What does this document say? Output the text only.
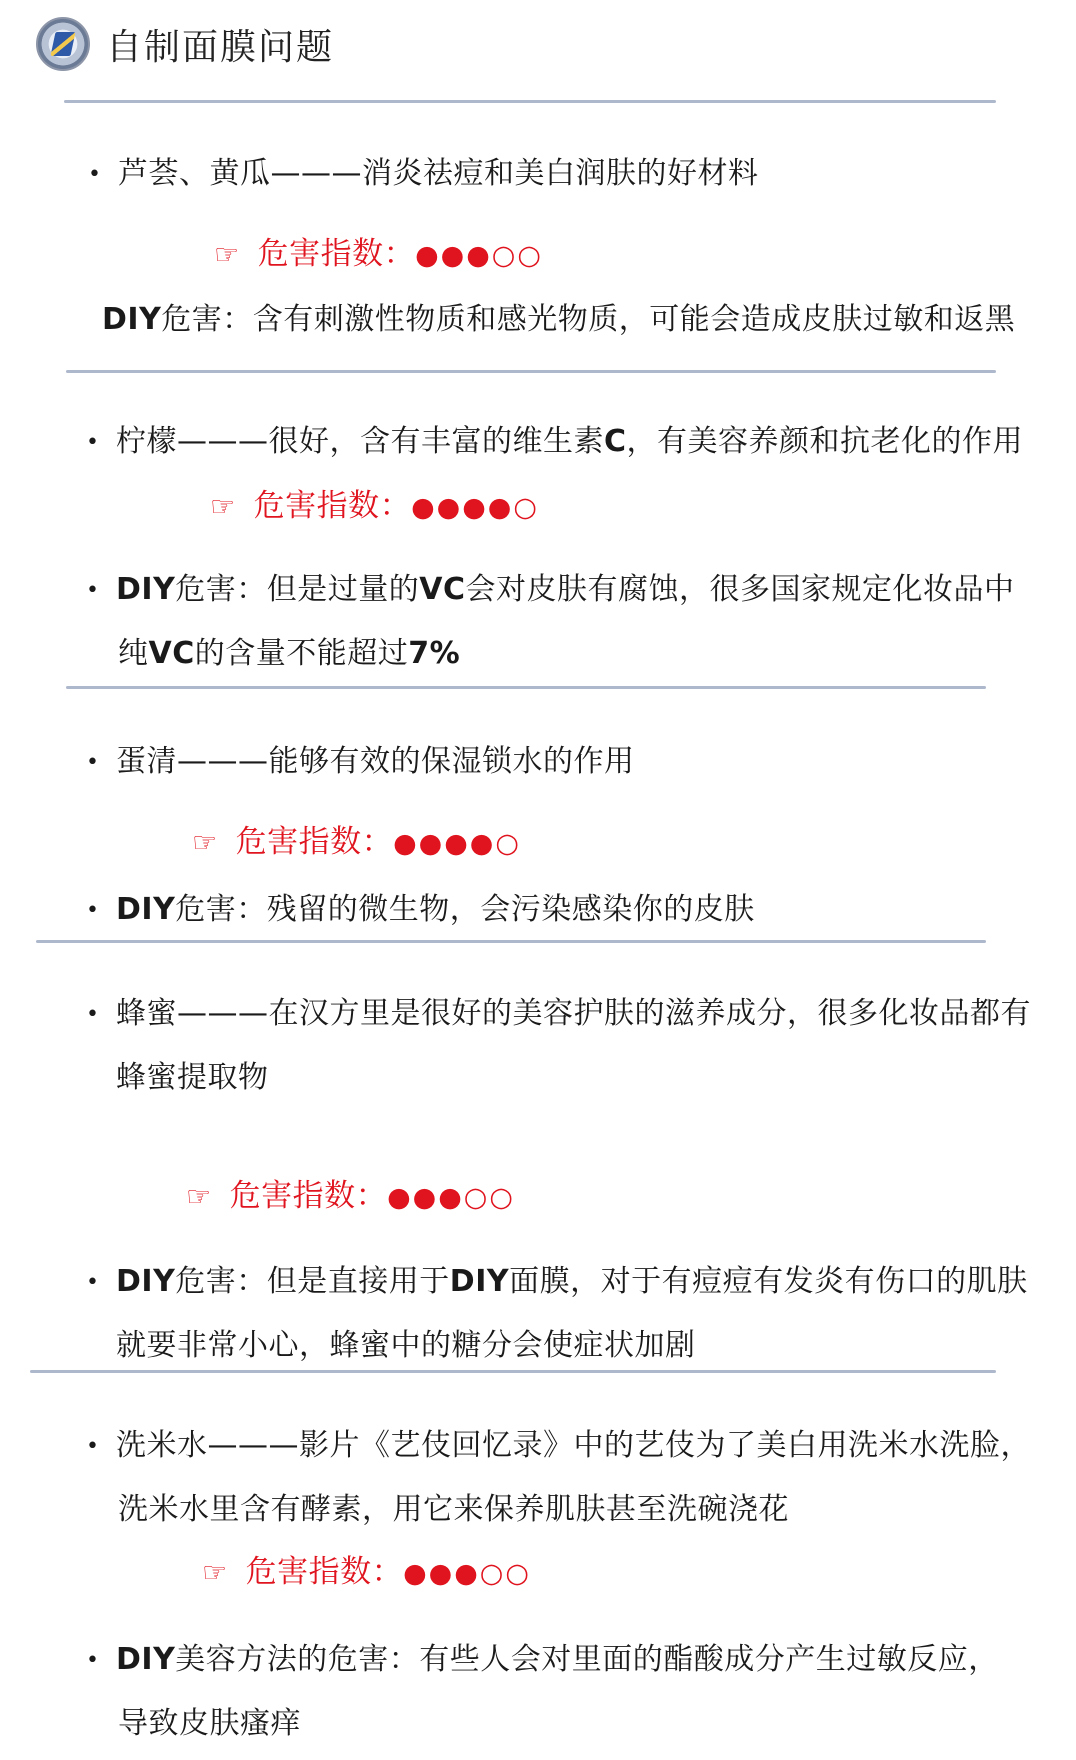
自制面膜问题
• 芦荟、黄瓜———消炎祛痘和美白润肤的好材料
☞ 危害指数：●●●○○
DIY危害：含有刺激性物质和感光物质，可能会造成皮肤过敏和返黑
• 柠檬———很好，含有丰富的维生素C，有美容养颜和抗老化的作用
☞ 危害指数：●●●●○
• DIY危害：但是过量的VC会对皮肤有腐蚀，很多国家规定化妆品中
纯VC的含量不能超过7%
• 蛋清———能够有效的保湿锁水的作用
☞ 危害指数：●●●●○
• DIY危害：残留的微生物，会污染感染你的皮肤
• 蜂蜜———在汉方里是很好的美容护肤的滋养成分，很多化妆品都有
蜂蜜提取物
☞ 危害指数：●●●○○
• DIY危害：但是直接用于DIY面膜，对于有痘痘有发炎有伤口的肌肤
就要非常小心，蜂蜜中的糖分会使症状加剧
• 洗米水———影片《艺伎回忆录》中的艺伎为了美白用洗米水洗脸，
洗米水里含有酵素，用它来保养肌肤甚至洗碗浇花
☞ 危害指数：●●●○○
• DIY美容方法的危害：有些人会对里面的酯酸成分产生过敏反应，
导致皮肤瘙痒
